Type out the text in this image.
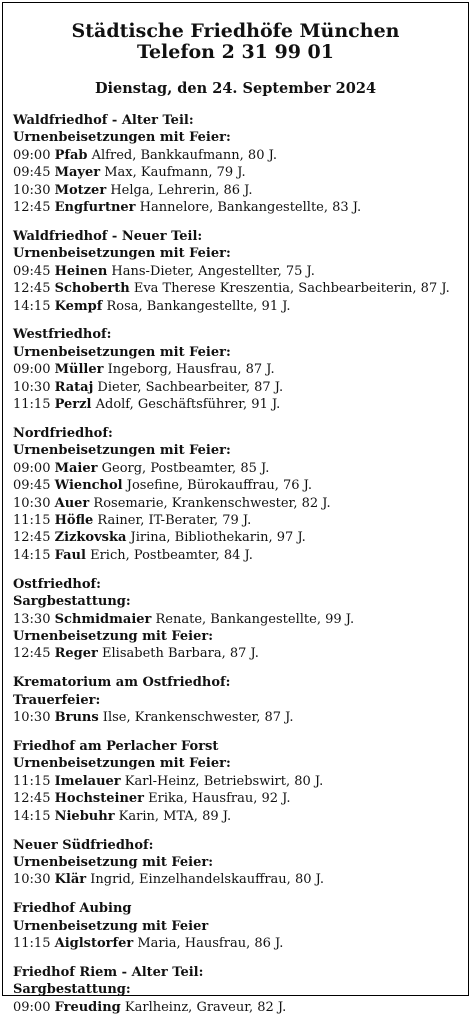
Städtische Friedhöfe München
Telefon 2 31 99 01
Dienstag, den 24. September 2024
Waldfriedhof - Alter Teil:
Urnenbeisetzungen mit Feier:
09:00 Pfab Alfred, Bankkaufmann, 80 J.
09:45 Mayer Max, Kaufmann, 79 J.
10:30 Motzer Helga, Lehrerin, 86 J.
12:45 Engfurtner Hannelore, Bankangestellte, 83 J.
Waldfriedhof - Neuer Teil:
Urnenbeisetzungen mit Feier:
09:45 Heinen Hans-Dieter, Angestellter, 75 J.
12:45 Schoberth Eva Therese Kreszentia, Sachbearbeiterin, 87 J.
14:15 Kempf Rosa, Bankangestellte, 91 J.
Westfriedhof:
Urnenbeisetzungen mit Feier:
09:00 Müller Ingeborg, Hausfrau, 87 J.
10:30 Rataj Dieter, Sachbearbeiter, 87 J.
11:15 Perzl Adolf, Geschäftsführer, 91 J.
Nordfriedhof:
Urnenbeisetzungen mit Feier:
09:00 Maier Georg, Postbeamter, 85 J.
09:45 Wienchol Josefine, Bürokauffrau, 76 J.
10:30 Auer Rosemarie, Krankenschwester, 82 J.
11:15 Höfle Rainer, IT-Berater, 79 J.
12:45 Zizkovska Jirina, Bibliothekarin, 97 J.
14:15 Faul Erich, Postbeamter, 84 J.
Ostfriedhof:
Sargbestattung:
13:30 Schmidmaier Renate, Bankangestellte, 99 J.
Urnenbeisetzung mit Feier:
12:45 Reger Elisabeth Barbara, 87 J.
Krematorium am Ostfriedhof:
Trauerfeier:
10:30 Bruns Ilse, Krankenschwester, 87 J.
Friedhof am Perlacher Forst
Urnenbeisetzungen mit Feier:
11:15 Imelauer Karl-Heinz, Betriebswirt, 80 J.
12:45 Hochsteiner Erika, Hausfrau, 92 J.
14:15 Niebuhr Karin, MTA, 89 J.
Neuer Südfriedhof:
Urnenbeisetzung mit Feier:
10:30 Klär Ingrid, Einzelhandelskauffrau, 80 J.
Friedhof Aubing
Urnenbeisetzung mit Feier
11:15 Aiglstorfer Maria, Hausfrau, 86 J.
Friedhof Riem - Alter Teil:
Sargbestattung:
09:00 Freuding Karlheinz, Graveur, 82 J.
